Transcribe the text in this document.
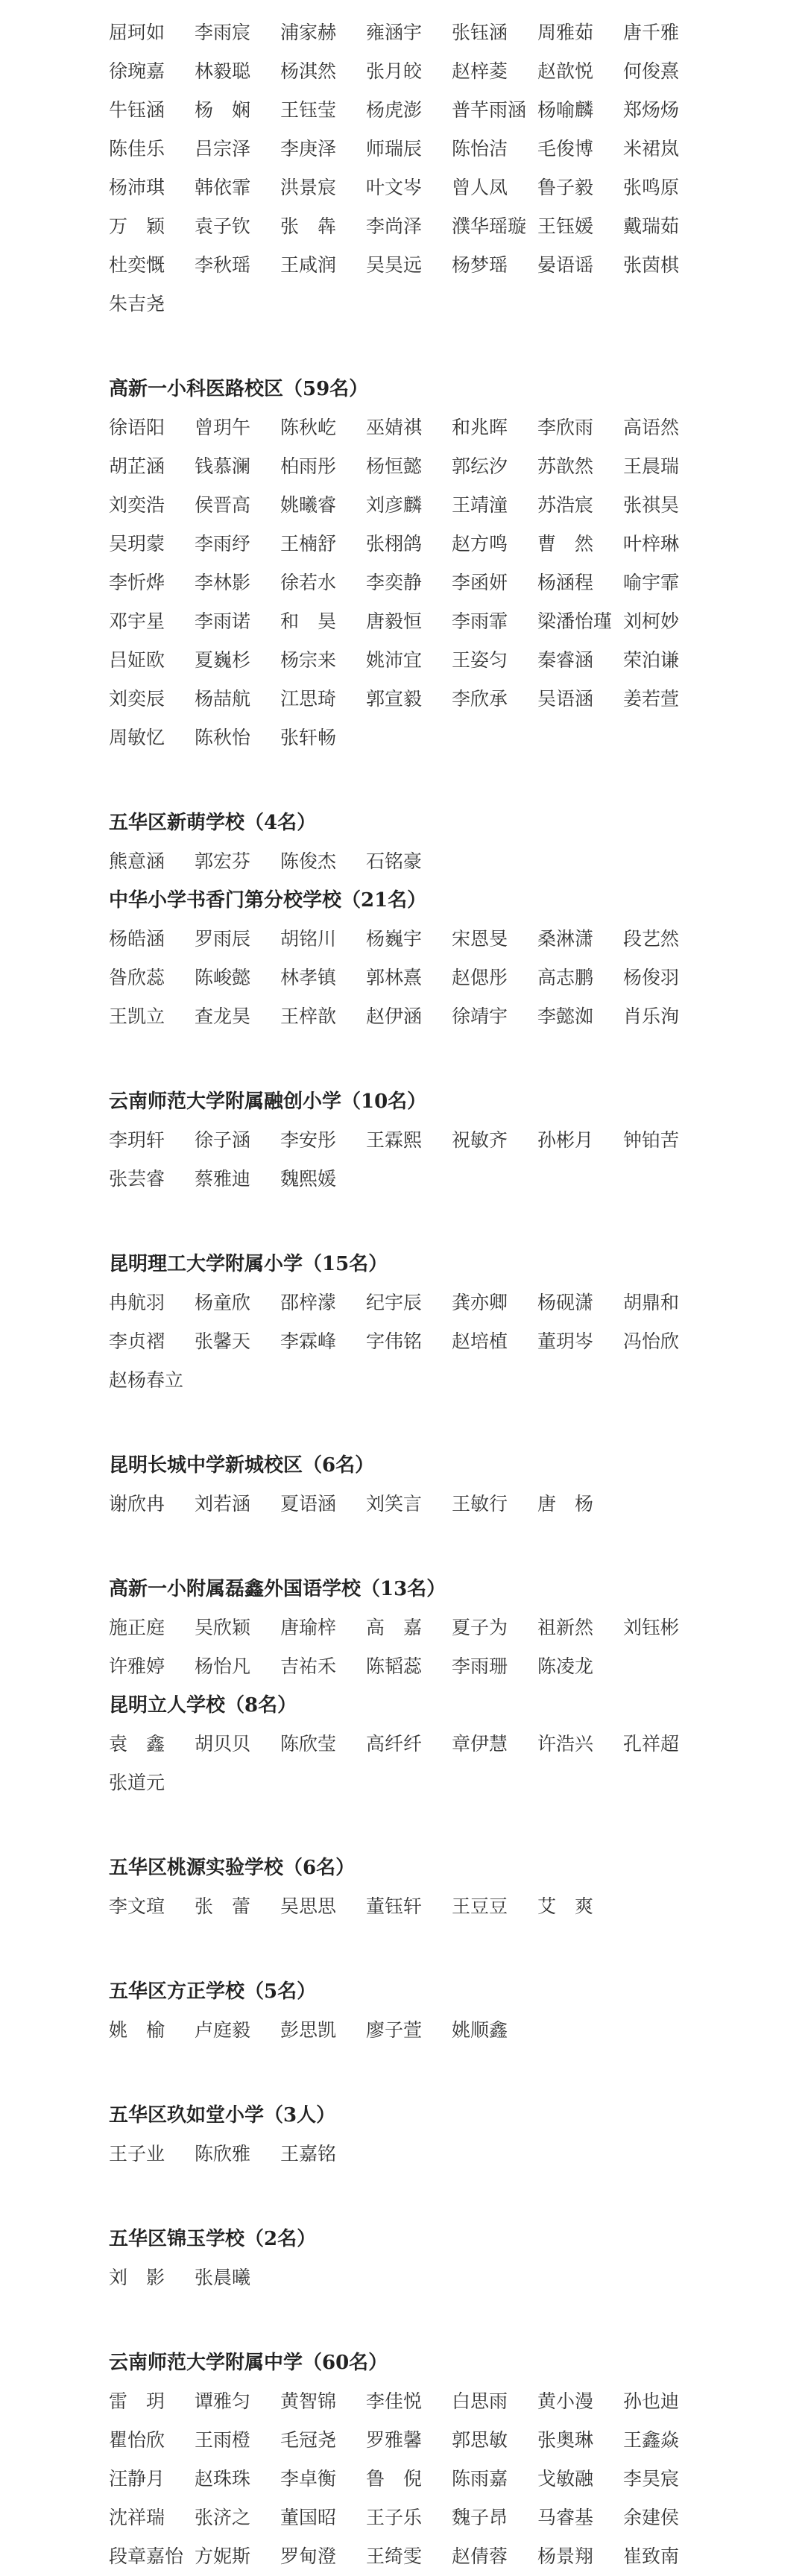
屈珂如	李雨宸	浦家赫	雍涵宇	张钰涵	周雅茹	唐千雅
徐琬嘉	林毅聪	杨淇然	张月皎	赵梓菱	赵歆悦	何俊熹
牛钰涵	杨　娴	王钰莹	杨虎澎	普芊雨涵 杨喻麟	郑炀炀
陈佳乐	吕宗泽	李庚泽	师瑞辰	陈怡洁	毛俊博	米裙岚
杨沛琪	韩依霏	洪景宸	叶文岑	曾人凤	鲁子毅	张鸣原
万　颖	袁子钦	张　犇	李尚泽	濮华瑶璇 王钰媛	戴瑞茹
杜奕慨	李秋瑶	王咸润	吴昊远	杨梦瑶	晏语谣	张茵棋
朱吉尧
高新一小科医路校区（59名）
徐语阳	曾玥午	陈秋屹	巫婧祺	和兆晖	李欣雨	高语然
胡芷涵	钱慕澜	柏雨彤	杨恒懿	郭纭汐	苏歆然	王晨瑞
刘奕浩	侯晋高	姚曦睿	刘彦麟	王靖潼	苏浩宸	张祺昊
吴玥蒙	李雨纾	王楠舒	张栩鸽	赵方鸣	曹　然	叶梓琳
李忻烨	李林影	徐若水	李奕静	李函妍	杨涵程	喻宇霏
邓宇星	李雨诺	和　昊	唐毅恒	李雨霏	梁潘怡瑾 刘柯妙
吕姃欧	夏巍杉	杨宗来	姚沛宜	王姿匀	秦睿涵	荣泊谦
刘奕辰	杨喆航	江思琦	郭宣毅	李欣承	吴语涵	姜若萱
周敏忆	陈秋怡	张轩畅
五华区新萌学校（4名）
熊意涵	郭宏芬	陈俊杰	石铭豪
中华小学书香门第分校学校（21名）
杨皓涵	罗雨辰	胡铭川	杨巍宇	宋恩旻	桑淋潇	段艺然
昝欣蕊	陈峻懿	林孝镇	郭林熹	赵偲彤	高志鹏	杨俊羽
王凯立	查龙昊	王梓歆	赵伊涵	徐靖宇	李懿洳	肖乐洵
云南师范大学附属融创小学（10名）
李玥轩	徐子涵	李安彤	王霖熙	祝敏齐	孙彬月	钟铂苦
张芸睿	蔡雅迪	魏熙媛
昆明理工大学附属小学（15名）
冉航羽	杨童欣	邵梓濛	纪宇辰	龚亦卿	杨砚潇	胡鼎和
李贞褶	张馨天	李霖峰	字伟铭	赵培植	董玥岑	冯怡欣
赵杨春立
昆明长城中学新城校区（6名）
谢欣冉	刘若涵	夏语涵	刘笑言	王敏行	唐　杨
高新一小附属磊鑫外国语学校（13名）
施正庭	吴欣颖	唐瑜梓	高　嘉	夏子为	祖新然	刘钰彬
许雅婷	杨怡凡	吉祐禾	陈韬蕊	李雨珊	陈凌龙
昆明立人学校（8名）
袁　鑫	胡贝贝	陈欣莹	高纤纤	章伊慧	许浩兴	孔祥超
张道元
五华区桃源实验学校（6名）
李文瑄	张　蕾	吴思思	董钰轩	王豆豆	艾　爽
五华区方正学校（5名）
姚　榆	卢庭毅	彭思凯	廖子萱	姚顺鑫
五华区玖如堂小学（3人）
王子业	陈欣雅	王嘉铭
五华区锦玉学校（2名）
刘　影	张晨曦
云南师范大学附属中学（60名）
雷　玥	谭雅匀	黄智锦	李佳悦	白思雨	黄小漫	孙也迪
瞿怡欣	王雨橙	毛冠尧	罗雅馨	郭思敏	张奥琳	王鑫焱
汪静月	赵珠珠	李卓衡	鲁　倪	陈雨嘉	戈敏融	李昊宸
沈祥瑞	张济之	董国昭	王子乐	魏子昂	马睿基	余建侯
段章嘉怡 方妮斯	罗甸澄	王绮雯	赵倩蓉	杨景翔	崔致南
